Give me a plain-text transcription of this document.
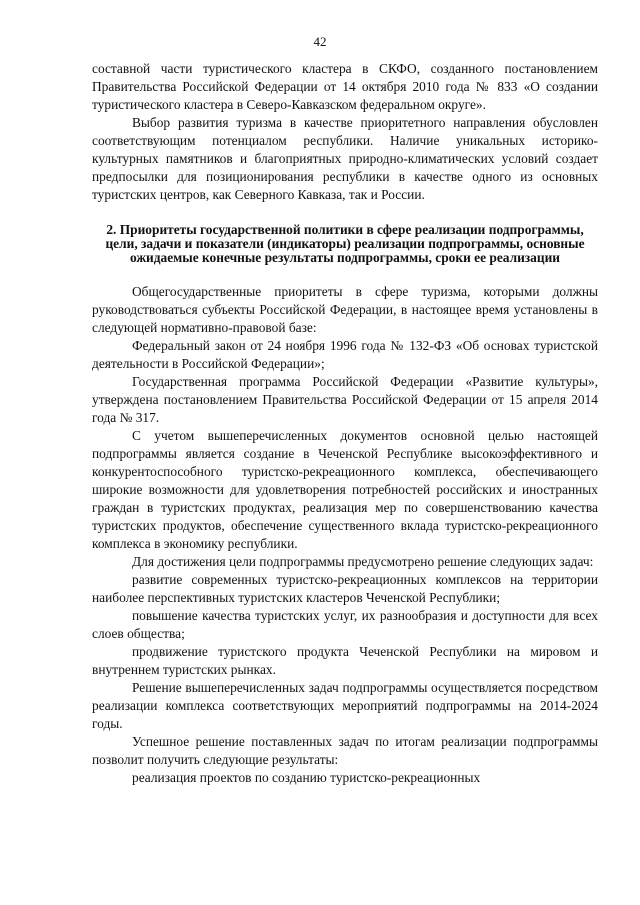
42

составной части туристического кластера в СКФО, созданного постановлением Правительства Российской Федерации от 14 октября 2010 года № 833 «О создании туристического кластера в Северо-Кавказском федеральном округе».

Выбор развития туризма в качестве приоритетного направления обусловлен соответствующим потенциалом республики. Наличие уникальных историко-культурных памятников и благоприятных природно-климатических условий создает предпосылки для позиционирования республики в качестве одного из основных туристских центров, как Северного Кавказа, так и России.

2. Приоритеты государственной политики в сфере реализации подпрограммы, цели, задачи и показатели (индикаторы) реализации подпрограммы, основные ожидаемые конечные результаты подпрограммы, сроки ее реализации

Общегосударственные приоритеты в сфере туризма, которыми должны руководствоваться субъекты Российской Федерации, в настоящее время установлены в следующей нормативно-правовой базе:

Федеральный закон от 24 ноября 1996 года № 132-ФЗ «Об основах туристской деятельности в Российской Федерации»;

Государственная программа Российской Федерации «Развитие культуры», утверждена постановлением Правительства Российской Федерации от 15 апреля 2014 года № 317.

С учетом вышеперечисленных документов основной целью настоящей подпрограммы является создание в Чеченской Республике высокоэффективного и конкурентоспособного туристско-рекреационного комплекса, обеспечивающего широкие возможности для удовлетворения потребностей российских и иностранных граждан в туристских продуктах, реализация мер по совершенствованию качества туристских продуктов, обеспечение существенного вклада туристско-рекреационного комплекса в экономику республики.

Для достижения цели подпрограммы предусмотрено решение следующих задач:

развитие современных туристско-рекреационных комплексов на территории наиболее перспективных туристских кластеров Чеченской Республики;

повышение качества туристских услуг, их разнообразия и доступности для всех слоев общества;

продвижение туристского продукта Чеченской Республики на мировом и внутреннем туристских рынках.

Решение вышеперечисленных задач подпрограммы осуществляется посредством реализации комплекса соответствующих мероприятий подпрограммы на 2014-2024 годы.

Успешное решение поставленных задач по итогам реализации подпрограммы позволит получить следующие результаты:

реализация проектов по созданию туристско-рекреационных
